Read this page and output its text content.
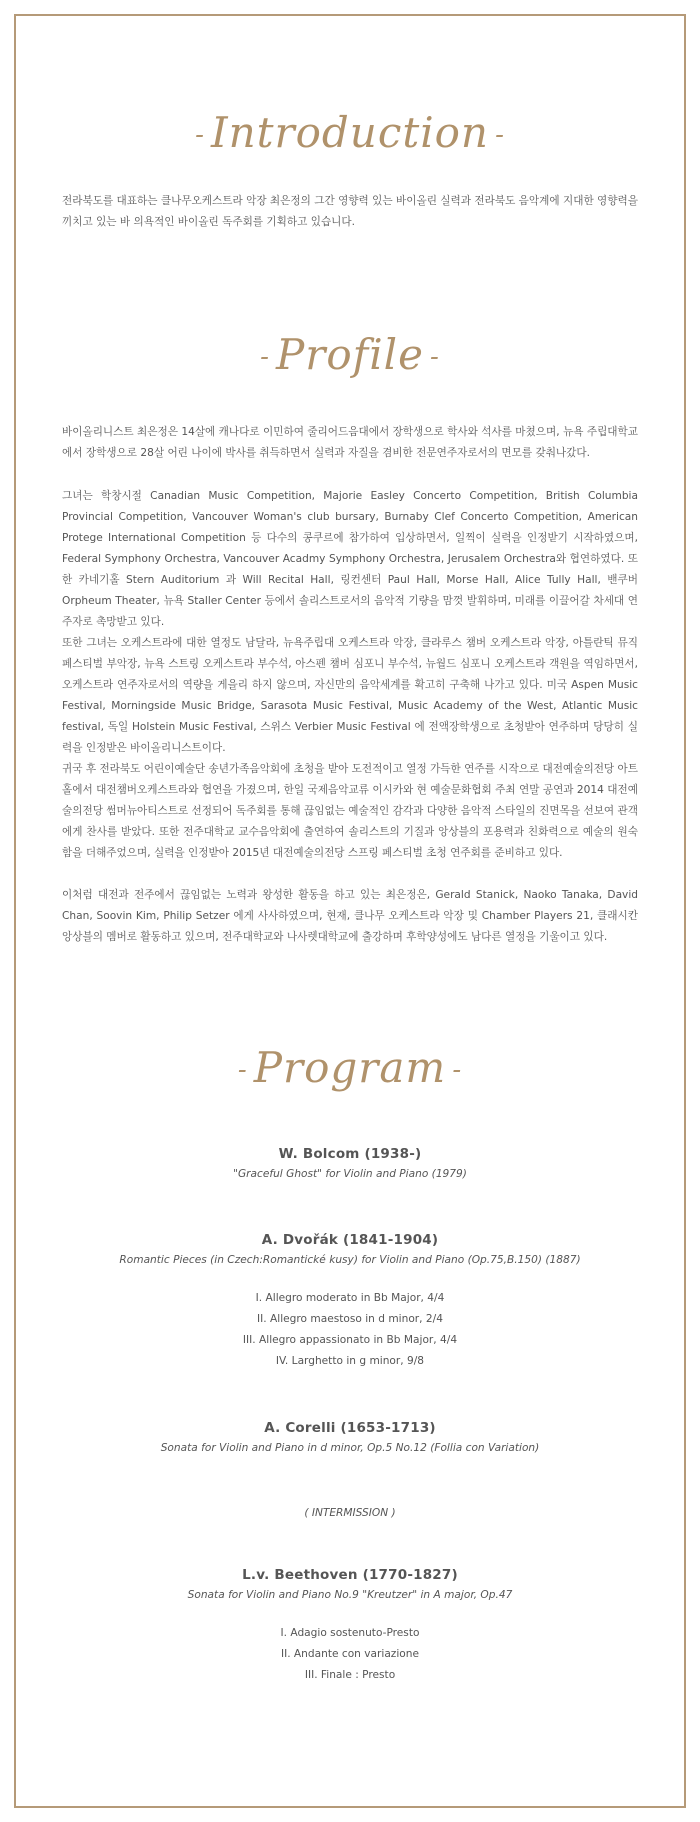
- Introduction -

전라북도를 대표하는 클나무오케스트라 악장 최은정의 그간 영향력 있는 바이올린 실력과 전라북도 음악계에 지대한 영향력을 끼치고 있는 바 의욕적인 바이올린 독주회를 기획하고 있습니다.

- Profile -

바이올리니스트 최은정은 14살에 캐나다로 이민하여 줄리어드음대에서 장학생으로 학사와 석사를 마쳤으며, 뉴욕 주립대학교에서 장학생으로 28살 어린 나이에 박사를 취득하면서 실력과 자질을 겸비한 전문연주자로서의 면모를 갖춰나갔다.

그녀는 학창시절 Canadian Music Competition, Majorie Easley Concerto Competition, British Columbia Provincial Competition, Vancouver Woman's club bursary, Burnaby Clef Concerto Competition, American Protege International Competition 등 다수의 콩쿠르에 참가하여 입상하면서, 일찍이 실력을 인정받기 시작하였으며, Federal Symphony Orchestra, Vancouver Acadmy Symphony Orchestra, Jerusalem Orchestra와 협연하였다. 또한 카네기홀 Stern Auditorium 과 Will Recital Hall, 링컨센터 Paul Hall, Morse Hall, Alice Tully Hall, 밴쿠버 Orpheum Theater, 뉴욕 Staller Center 등에서 솔리스트로서의 음악적 기량을 맘껏 발휘하며, 미래를 이끌어갈 차세대 연주자로 촉망받고 있다.

또한 그녀는 오케스트라에 대한 열정도 남달라, 뉴욕주립대 오케스트라 악장, 클라루스 챔버 오케스트라 악장, 아틀란틱 뮤직 페스티벌 부악장, 뉴욕 스트링 오케스트라 부수석, 아스펜 챔버 심포니 부수석, 뉴월드 심포니 오케스트라 객원을 역임하면서, 오케스트라 연주자로서의 역량을 게을리 하지 않으며, 자신만의 음악세계를 확고히 구축해 나가고 있다. 미국 Aspen Music Festival, Morningside Music Bridge, Sarasota Music Festival, Music Academy of the West, Atlantic Music festival, 독일 Holstein Music Festival, 스위스 Verbier Music Festival 에 전액장학생으로 초청받아 연주하며 당당히 실력을 인정받은 바이올리니스트이다.

귀국 후 전라북도 어린이예술단 송년가족음악회에 초청을 받아 도전적이고 열정 가득한 연주를 시작으로 대전예술의전당 아트홀에서 대전챔버오케스트라와 협연을 가졌으며, 한일 국제음악교류 이시카와 현 예술문화협회 주최 연말 공연과 2014 대전예술의전당 썸머뉴아티스트로 선정되어 독주회를 통해 끊임없는 예술적인 감각과 다양한 음악적 스타일의 진면목을 선보여 관객에게 찬사를 받았다. 또한 전주대학교 교수음악회에 출연하여 솔리스트의 기질과 앙상블의 포용력과 친화력으로 예술의 원숙함을 더해주었으며, 실력을 인정받아 2015년 대전예술의전당 스프링 페스티벌 초청 연주회를 준비하고 있다.

이처럼 대전과 전주에서 끊임없는 노력과 왕성한 활동을 하고 있는 최은정은, Gerald Stanick, Naoko Tanaka, David Chan, Soovin Kim, Philip Setzer 에게 사사하였으며, 현재, 클나무 오케스트라 악장 및 Chamber Players 21, 클래시칸 앙상블의 멤버로 활동하고 있으며, 전주대학교와 나사렛대학교에 출강하며 후학양성에도 남다른 열정을 기울이고 있다.

- Program -
W. Bolcom (1938-)
"Graceful Ghost" for Violin and Piano (1979)
A. Dvořák (1841-1904)
Romantic Pieces (in Czech:Romantické kusy) for Violin and Piano (Op.75,B.150) (1887)
I. Allegro moderato in Bb Major, 4/4
II. Allegro maestoso in d minor, 2/4
III. Allegro appassionato in Bb Major, 4/4
IV. Larghetto in g minor, 9/8
A. Corelli (1653-1713)
Sonata for Violin and Piano in d minor, Op.5 No.12 (Follia con Variation)
( INTERMISSION )
L.v. Beethoven (1770-1827)
Sonata for Violin and Piano No.9 "Kreutzer" in A major, Op.47
I. Adagio sostenuto-Presto
II. Andante con variazione
III. Finale : Presto
